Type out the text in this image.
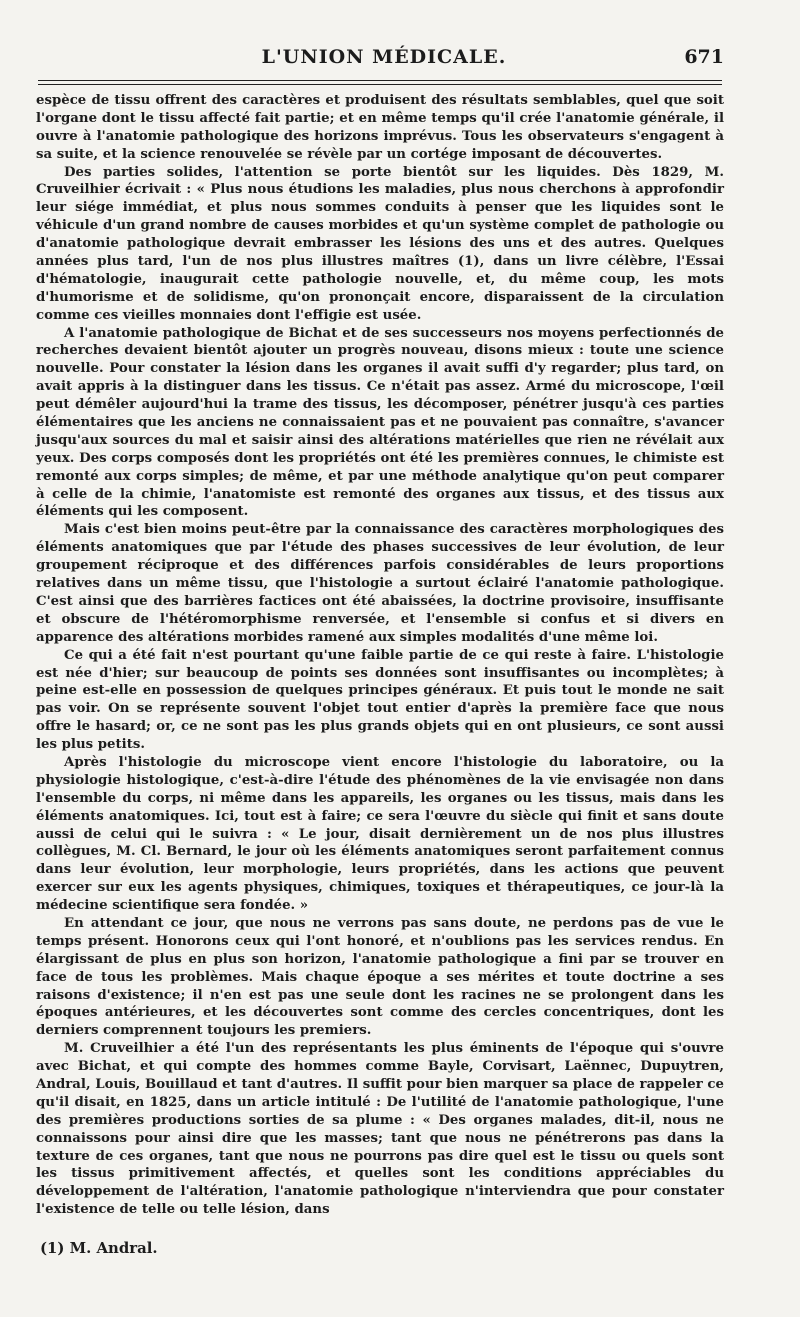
L'UNION MÉDICALE.	671

espèce de tissu offrent des caractères et produisent des résultats semblables, quel que soit l'organe dont le tissu affecté fait partie; et en même temps qu'il crée l'anatomie générale, il ouvre à l'anatomie pathologique des horizons imprévus. Tous les observateurs s'engagent à sa suite, et la science renouvelée se révèle par un cortége imposant de découvertes.

Des parties solides, l'attention se porte bientôt sur les liquides. Dès 1829, M. Cruveilhier écrivait : « Plus nous étudions les maladies, plus nous cherchons à approfondir leur siége immédiat, et plus nous sommes conduits à penser que les liquides sont le véhicule d'un grand nombre de causes morbides et qu'un système complet de pathologie ou d'anatomie pathologique devrait embrasser les lésions des uns et des autres. Quelques années plus tard, l'un de nos plus illustres maîtres (1), dans un livre célèbre, l'Essai d'hématologie, inaugurait cette pathologie nouvelle, et, du même coup, les mots d'humorisme et de solidisme, qu'on prononçait encore, disparaissent de la circulation comme ces vieilles monnaies dont l'effigie est usée.

A l'anatomie pathologique de Bichat et de ses successeurs nos moyens perfectionnés de recherches devaient bientôt ajouter un progrès nouveau, disons mieux : toute une science nouvelle. Pour constater la lésion dans les organes il avait suffi d'y regarder; plus tard, on avait appris à la distinguer dans les tissus. Ce n'était pas assez. Armé du microscope, l'œil peut démêler aujourd'hui la trame des tissus, les décomposer, pénétrer jusqu'à ces parties élémentaires que les anciens ne connaissaient pas et ne pouvaient pas connaître, s'avancer jusqu'aux sources du mal et saisir ainsi des altérations matérielles que rien ne révélait aux yeux. Des corps composés dont les propriétés ont été les premières connues, le chimiste est remonté aux corps simples; de même, et par une méthode analytique qu'on peut comparer à celle de la chimie, l'anatomiste est remonté des organes aux tissus, et des tissus aux éléments qui les composent.

Mais c'est bien moins peut-être par la connaissance des caractères morphologiques des éléments anatomiques que par l'étude des phases successives de leur évolution, de leur groupement réciproque et des différences parfois considérables de leurs proportions relatives dans un même tissu, que l'histologie a surtout éclairé l'anatomie pathologique. C'est ainsi que des barrières factices ont été abaissées, la doctrine provisoire, insuffisante et obscure de l'hétéromorphisme renversée, et l'ensemble si confus et si divers en apparence des altérations morbides ramené aux simples modalités d'une même loi.

Ce qui a été fait n'est pourtant qu'une faible partie de ce qui reste à faire. L'histologie est née d'hier; sur beaucoup de points ses données sont insuffisantes ou incomplètes; à peine est-elle en possession de quelques principes généraux. Et puis tout le monde ne sait pas voir. On se représente souvent l'objet tout entier d'après la première face que nous offre le hasard; or, ce ne sont pas les plus grands objets qui en ont plusieurs, ce sont aussi les plus petits.

Après l'histologie du microscope vient encore l'histologie du laboratoire, ou la physiologie histologique, c'est-à-dire l'étude des phénomènes de la vie envisagée non dans l'ensemble du corps, ni même dans les appareils, les organes ou les tissus, mais dans les éléments anatomiques. Ici, tout est à faire; ce sera l'œuvre du siècle qui finit et sans doute aussi de celui qui le suivra : « Le jour, disait dernièrement un de nos plus illustres collègues, M. Cl. Bernard, le jour où les éléments anatomiques seront parfaitement connus dans leur évolution, leur morphologie, leurs propriétés, dans les actions que peuvent exercer sur eux les agents physiques, chimiques, toxiques et thérapeutiques, ce jour-là la médecine scientifique sera fondée. »

En attendant ce jour, que nous ne verrons pas sans doute, ne perdons pas de vue le temps présent. Honorons ceux qui l'ont honoré, et n'oublions pas les services rendus. En élargissant de plus en plus son horizon, l'anatomie pathologique a fini par se trouver en face de tous les problèmes. Mais chaque époque a ses mérites et toute doctrine a ses raisons d'existence; il n'en est pas une seule dont les racines ne se prolongent dans les époques antérieures, et les découvertes sont comme des cercles concentriques, dont les derniers comprennent toujours les premiers.

M. Cruveilhier a été l'un des représentants les plus éminents de l'époque qui s'ouvre avec Bichat, et qui compte des hommes comme Bayle, Corvisart, Laënnec, Dupuytren, Andral, Louis, Bouillaud et tant d'autres. Il suffit pour bien marquer sa place de rappeler ce qu'il disait, en 1825, dans un article intitulé : De l'utilité de l'anatomie pathologique, l'une des premières productions sorties de sa plume : « Des organes malades, dit-il, nous ne connaissons pour ainsi dire que les masses; tant que nous ne pénétrerons pas dans la texture de ces organes, tant que nous ne pourrons pas dire quel est le tissu ou quels sont les tissus primitivement affectés, et quelles sont les conditions appréciables du développement de l'altération, l'anatomie pathologique n'interviendra que pour constater l'existence de telle ou telle lésion, dans

(1) M. Andral.
